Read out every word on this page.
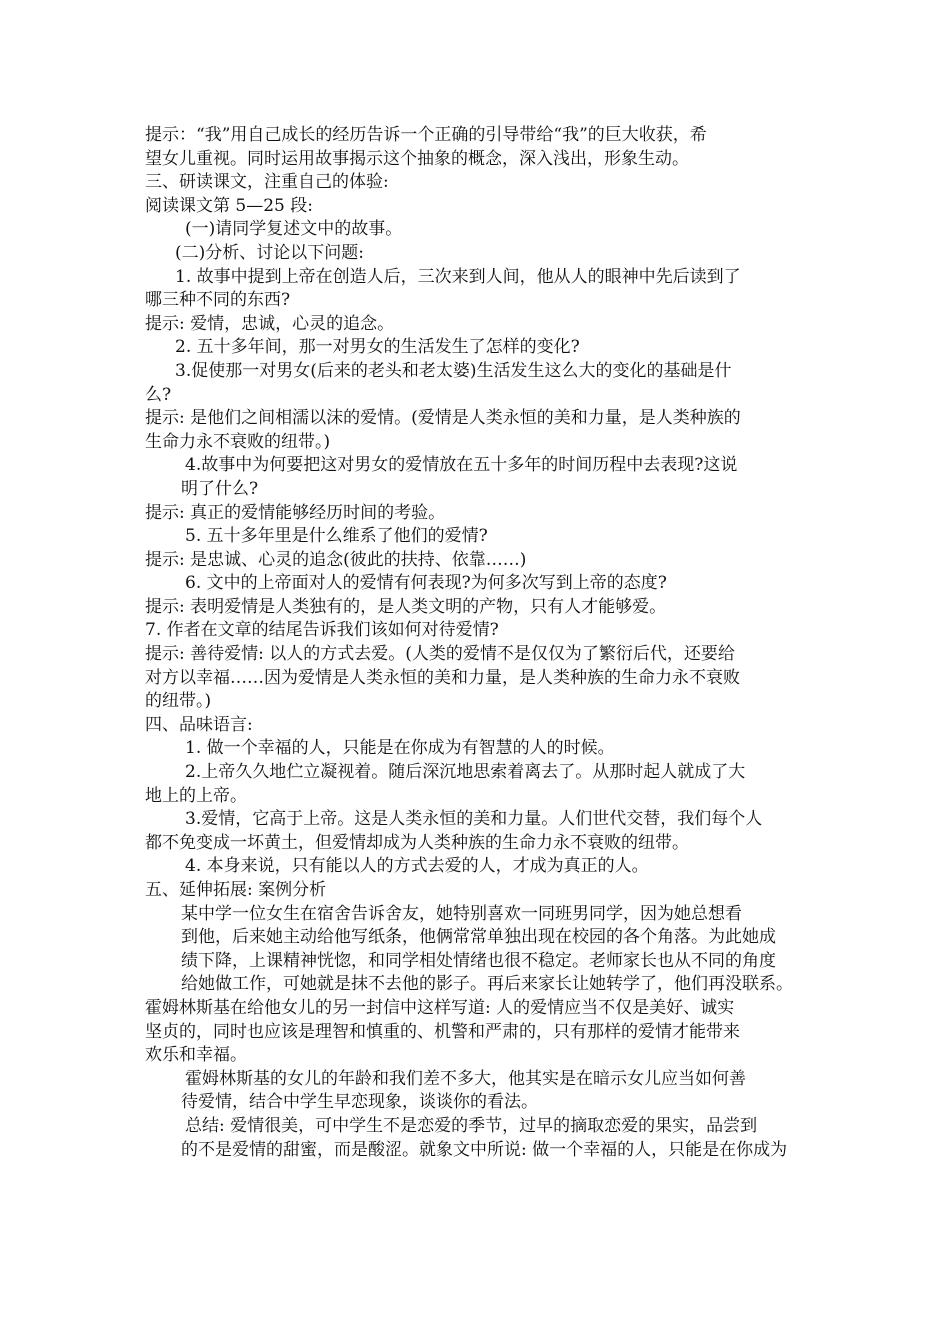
提示：“我”用自己成长的经历告诉一个正确的引导带给“我”的巨大收获，希
望女儿重视。同时运用故事揭示这个抽象的概念，深入浅出，形象生动。
三、研读课文，注重自己的体验:
阅读课文第 5—25 段:
(一)请同学复述文中的故事。
(二)分析、讨论以下问题:
1. 故事中提到上帝在创造人后，三次来到人间，他从人的眼神中先后读到了
哪三种不同的东西?
提示: 爱情，忠诚，心灵的追念。
2. 五十多年间，那一对男女的生活发生了怎样的变化?
3.促使那一对男女(后来的老头和老太婆)生活发生这么大的变化的基础是什
么?
提示: 是他们之间相濡以沫的爱情。(爱情是人类永恒的美和力量，是人类种族的
生命力永不衰败的纽带。)
4.故事中为何要把这对男女的爱情放在五十多年的时间历程中去表现?这说
明了什么?
提示: 真正的爱情能够经历时间的考验。
5. 五十多年里是什么维系了他们的爱情?
提示: 是忠诚、心灵的追念(彼此的扶持、依靠……)
6. 文中的上帝面对人的爱情有何表现?为何多次写到上帝的态度?
提示: 表明爱情是人类独有的，是人类文明的产物，只有人才能够爱。
7. 作者在文章的结尾告诉我们该如何对待爱情?
提示: 善待爱情: 以人的方式去爱。(人类的爱情不是仅仅为了繁衍后代，还要给
对方以幸福……因为爱情是人类永恒的美和力量，是人类种族的生命力永不衰败
的纽带。)
四、品味语言:
1. 做一个幸福的人，只能是在你成为有智慧的人的时候。
2.上帝久久地伫立凝视着。随后深沉地思索着离去了。从那时起人就成了大
地上的上帝。
3.爱情，它高于上帝。这是人类永恒的美和力量。人们世代交替，我们每个人
都不免变成一坏黄土，但爱情却成为人类种族的生命力永不衰败的纽带。
4. 本身来说，只有能以人的方式去爱的人，才成为真正的人。
五、延伸拓展: 案例分析
某中学一位女生在宿舍告诉舍友，她特别喜欢一同班男同学，因为她总想看
到他，后来她主动给他写纸条，他俩常常单独出现在校园的各个角落。为此她成
绩下降，上课精神恍惚，和同学相处情绪也很不稳定。老师家长也从不同的角度
给她做工作，可她就是抹不去他的影子。再后来家长让她转学了，他们再没联系。
霍姆林斯基在给他女儿的另一封信中这样写道: 人的爱情应当不仅是美好、诚实
坚贞的，同时也应该是理智和慎重的、机警和严肃的，只有那样的爱情才能带来
欢乐和幸福。
霍姆林斯基的女儿的年龄和我们差不多大，他其实是在暗示女儿应当如何善
待爱情，结合中学生早恋现象，谈谈你的看法。
总结: 爱情很美，可中学生不是恋爱的季节，过早的摘取恋爱的果实，品尝到
的不是爱情的甜蜜，而是酸涩。就象文中所说: 做一个幸福的人，只能是在你成为
